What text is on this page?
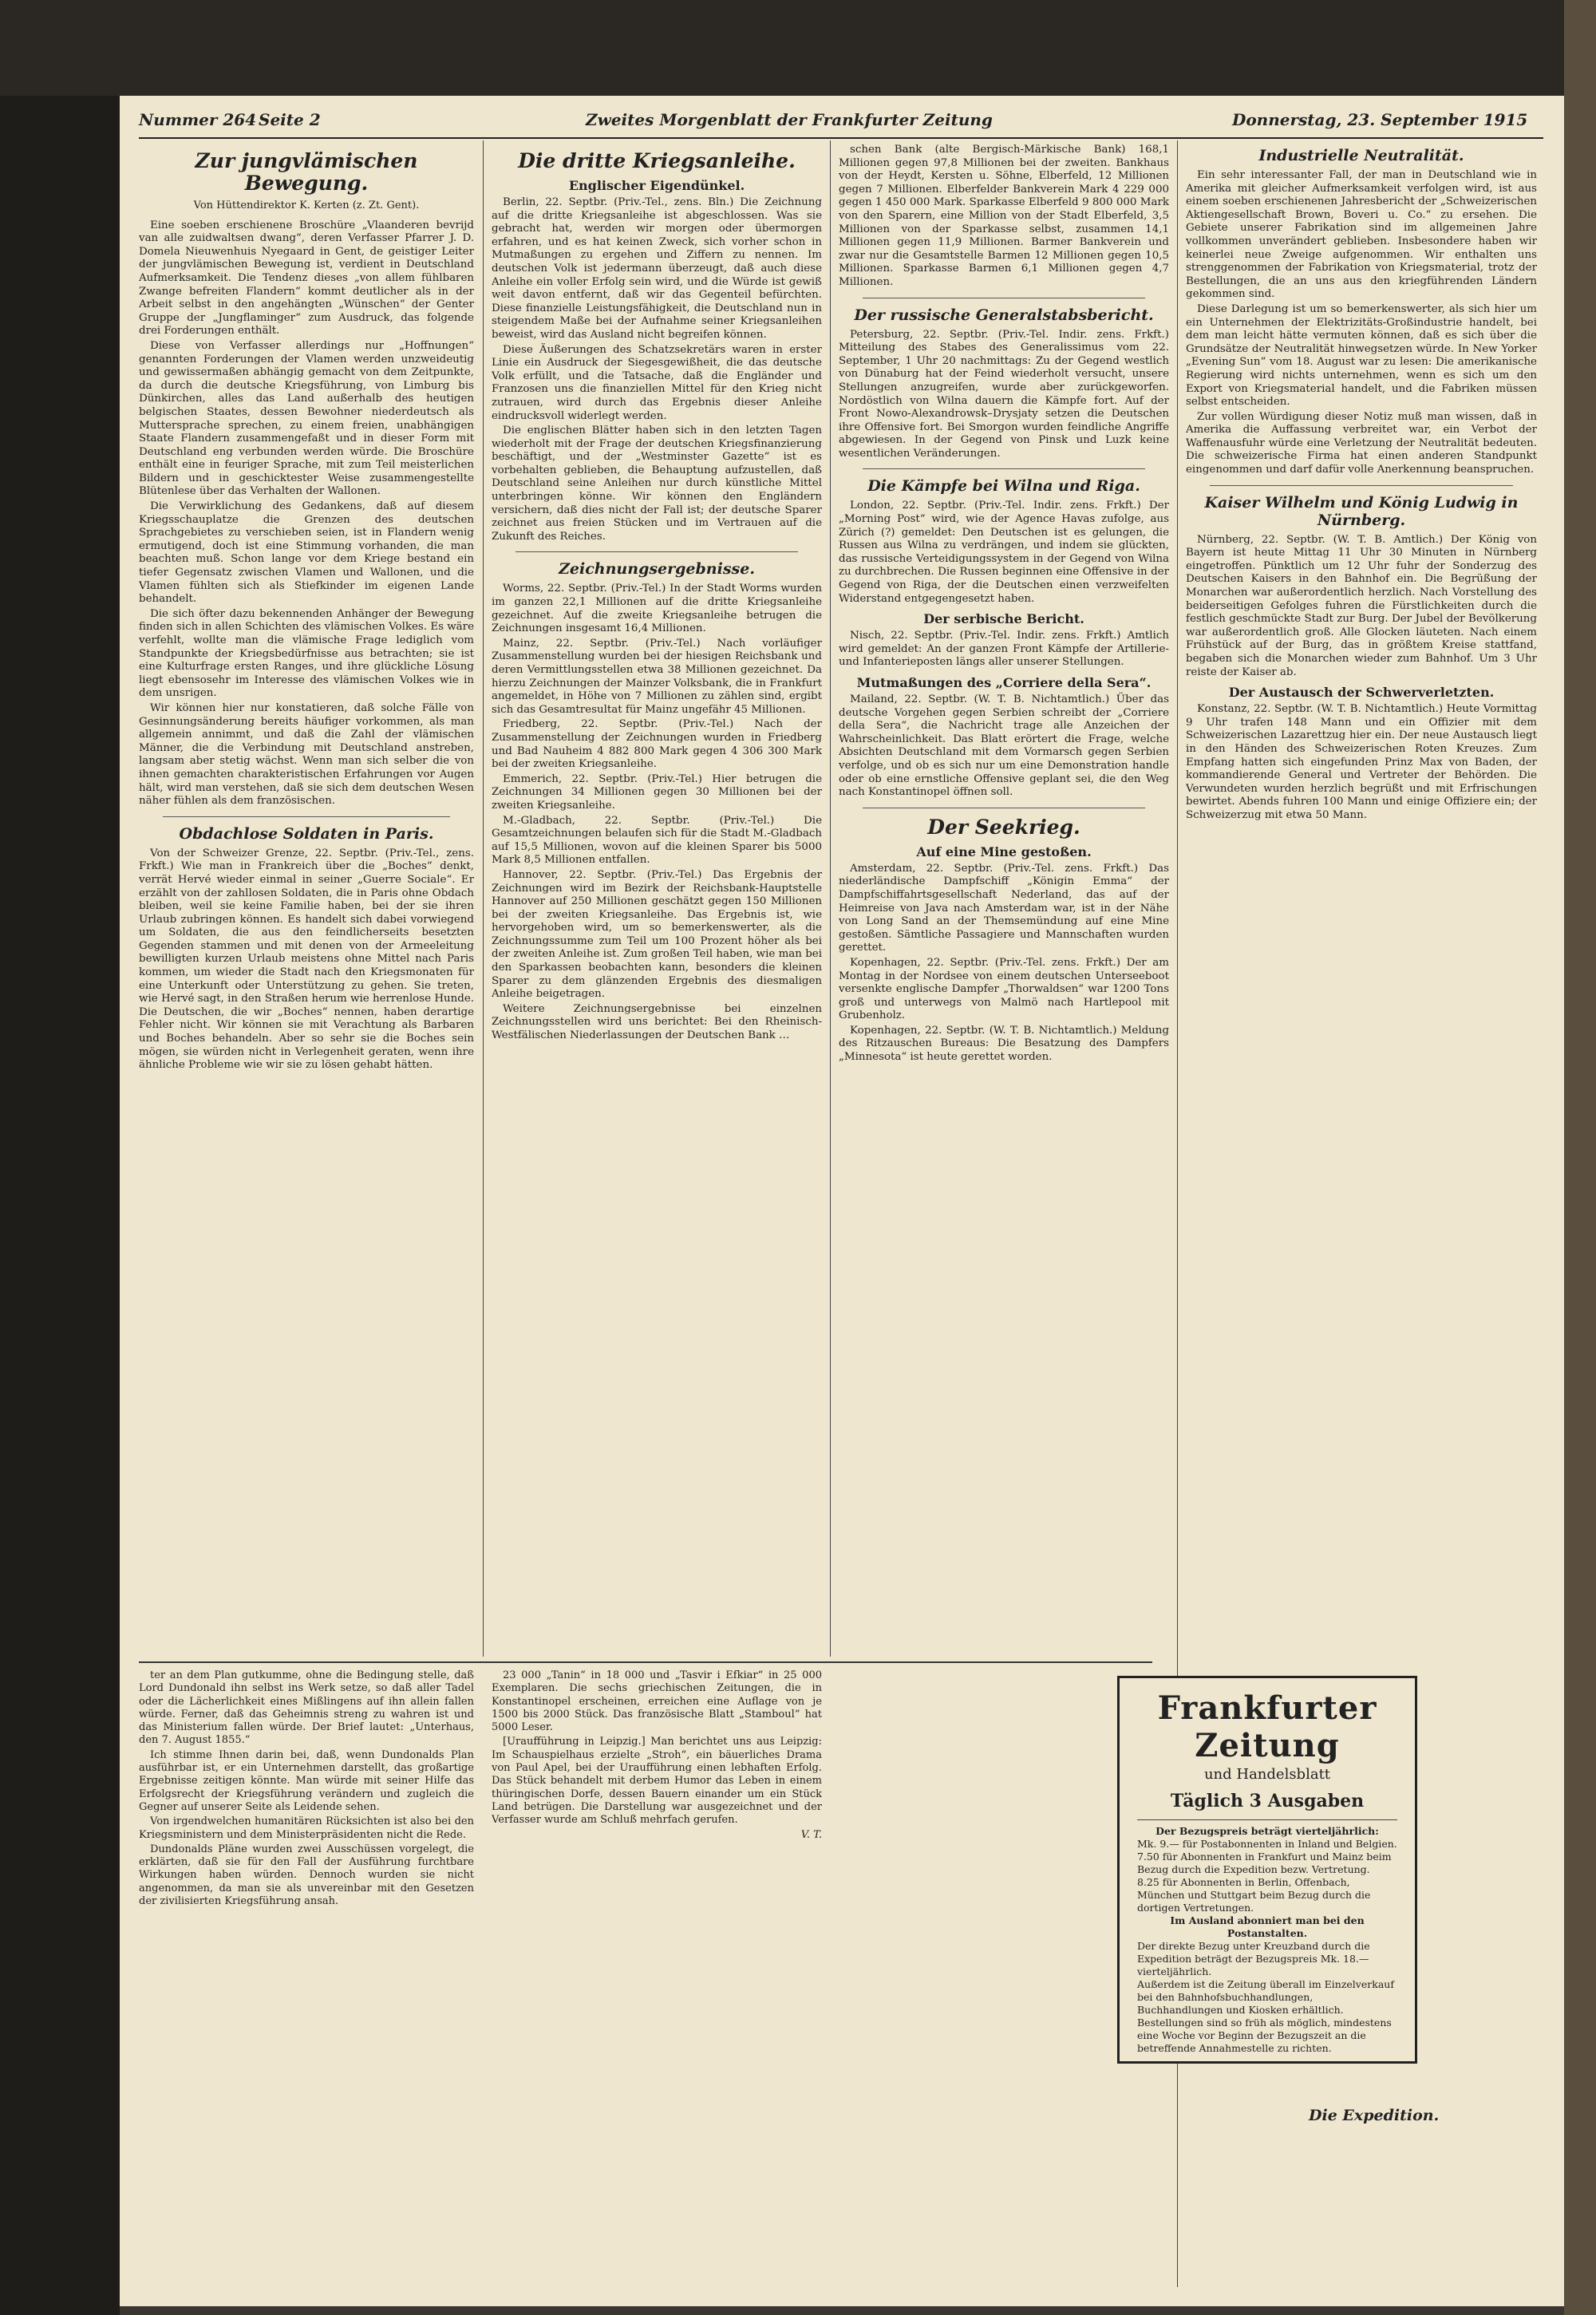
Nummer 264 Seite 2	Zweites Morgenblatt der Frankfurter Zeitung	Donnerstag, 23. September 1915
Zur jungvlämischen Bewegung.
Von Hüttendirektor K. Kerten (z. Zt. Gent).

Eine soeben erschienene Broschüre „Vlaanderen bevrijd van alle zuidwaltsen dwang“, deren Verfasser Pfarrer J. D. Domela Nieuwenhuis Nyegaard in Gent, de geistiger Leiter der jungvlämischen Bewegung ist, verdient in Deutschland Aufmerksamkeit. Die Tendenz dieses „von allem fühlbaren Zwange befreiten Flandern“ kommt deutlicher als in der Arbeit selbst in den angehängten „Wünschen“ der Genter Gruppe der „Jungflaminger“ zum Ausdruck, das folgende drei Forderungen enthält.

Diese von Verfasser allerdings nur „Hoffnungen“ genannten Forderungen der Vlamen werden unzweideutig und gewissermaßen abhängig gemacht von dem Zeitpunkte, da durch die deutsche Kriegsführung, von Limburg bis Dünkirchen, alles das Land außerhalb des heutigen belgischen Staates, dessen Bewohner niederdeutsch als Muttersprache sprechen, zu einem freien, unabhängigen Staate Flandern zusammengefaßt und in dieser Form mit Deutschland eng verbunden werden würde. Die Broschüre enthält eine in feuriger Sprache, mit zum Teil meisterlichen Bildern und in geschicktester Weise zusammengestellte Blütenlese über das Verhalten der Wallonen.

Die Verwirklichung des Gedankens, daß auf diesem Kriegsschauplatze die Grenzen des deutschen Sprachgebietes zu verschieben seien, ist in Flandern wenig ermutigend, doch ist eine Stimmung vorhanden, die man beachten muß. Schon lange vor dem Kriege bestand ein tiefer Gegensatz zwischen Vlamen und Wallonen, und die Vlamen fühlten sich als Stiefkinder im eigenen Lande behandelt.

Die sich öfter dazu bekennenden Anhänger der Bewegung finden sich in allen Schichten des vlämischen Volkes. Es wäre verfehlt, wollte man die vlämische Frage lediglich vom Standpunkte der Kriegsbedürfnisse aus betrachten; sie ist eine Kulturfrage ersten Ranges, und ihre glückliche Lösung liegt ebensosehr im Interesse des vlämischen Volkes wie in dem unsrigen.

Wir können hier nur konstatieren, daß solche Fälle von Gesinnungsänderung bereits häufiger vorkommen, als man allgemein annimmt, und daß die Zahl der vlämischen Männer, die die Verbindung mit Deutschland anstreben, langsam aber stetig wächst. Wenn man sich selber die von ihnen gemachten charakteristischen Erfahrungen vor Augen hält, wird man verstehen, daß sie sich dem deutschen Wesen näher fühlen als dem französischen.

Obdachlose Soldaten in Paris.

Von der Schweizer Grenze, 22. Septbr. (Priv.-Tel., zens. Frkft.) Wie man in Frankreich über die „Boches“ denkt, verrät Hervé wieder einmal in seiner „Guerre Sociale“. Er erzählt von der zahllosen Soldaten, die in Paris ohne Obdach bleiben, weil sie keine Familie haben, bei der sie ihren Urlaub zubringen können. Es handelt sich dabei vorwiegend um Soldaten, die aus den feindlicherseits besetzten Gegenden stammen und mit denen von der Armeeleitung bewilligten kurzen Urlaub meistens ohne Mittel nach Paris kommen, um wieder die Stadt nach den Kriegsmonaten für eine Unterkunft oder Unterstützung zu gehen. Sie treten, wie Hervé sagt, in den Straßen herum wie herrenlose Hunde. Die Deutschen, die wir „Boches“ nennen, haben derartige Fehler nicht. Wir können sie mit Verachtung als Barbaren und Boches behandeln. Aber so sehr sie die Boches sein mögen, sie würden nicht in Verlegenheit geraten, wenn ihre ähnliche Probleme wie wir sie zu lösen gehabt hätten.

Die dritte Kriegsanleihe.
Englischer Eigendünkel.

Berlin, 22. Septbr. (Priv.-Tel., zens. Bln.) Die Zeichnung auf die dritte Kriegsanleihe ist abgeschlossen. Was sie gebracht hat, werden wir morgen oder übermorgen erfahren, und es hat keinen Zweck, sich vorher schon in Mutmaßungen zu ergehen und Ziffern zu nennen. Im deutschen Volk ist jedermann überzeugt, daß auch diese Anleihe ein voller Erfolg sein wird, und die Würde ist gewiß weit davon entfernt, daß wir das Gegenteil befürchten. Diese finanzielle Leistungsfähigkeit, die Deutschland nun in steigendem Maße bei der Aufnahme seiner Kriegsanleihen beweist, wird das Ausland nicht begreifen können.

Diese Äußerungen des Schatzsekretärs waren in erster Linie ein Ausdruck der Siegesgewißheit, die das deutsche Volk erfüllt, und die Tatsache, daß die Engländer und Franzosen uns die finanziellen Mittel für den Krieg nicht zutrauen, wird durch das Ergebnis dieser Anleihe eindrucksvoll widerlegt werden.

Die englischen Blätter haben sich in den letzten Tagen wiederholt mit der Frage der deutschen Kriegsfinanzierung beschäftigt, und der „Westminster Gazette“ ist es vorbehalten geblieben, die Behauptung aufzustellen, daß Deutschland seine Anleihen nur durch künstliche Mittel unterbringen könne. Wir können den Engländern versichern, daß dies nicht der Fall ist; der deutsche Sparer zeichnet aus freien Stücken und im Vertrauen auf die Zukunft des Reiches.

Zeichnungsergebnisse.

Worms, 22. Septbr. (Priv.-Tel.) In der Stadt Worms wurden im ganzen 22,1 Millionen auf die dritte Kriegsanleihe gezeichnet. Auf die zweite Kriegsanleihe betrugen die Zeichnungen insgesamt 16,4 Millionen.

Mainz, 22. Septbr. (Priv.-Tel.) Nach vorläufiger Zusammenstellung wurden bei der hiesigen Reichsbank und deren Vermittlungsstellen etwa 38 Millionen gezeichnet. Da hierzu Zeichnungen der Mainzer Volksbank, die in Frankfurt angemeldet, in Höhe von 7 Millionen zu zählen sind, ergibt sich das Gesamtresultat für Mainz ungefähr 45 Millionen.

Friedberg, 22. Septbr. (Priv.-Tel.) Nach der Zusammenstellung der Zeichnungen wurden in Friedberg und Bad Nauheim 4 882 800 Mark gegen 4 306 300 Mark bei der zweiten Kriegsanleihe.

Emmerich, 22. Septbr. (Priv.-Tel.) Hier betrugen die Zeichnungen 34 Millionen gegen 30 Millionen bei der zweiten Kriegsanleihe.

M.-Gladbach, 22. Septbr. (Priv.-Tel.) Die Gesamtzeichnungen belaufen sich für die Stadt M.-Gladbach auf 15,5 Millionen, wovon auf die kleinen Sparer bis 5000 Mark 8,5 Millionen entfallen.

Hannover, 22. Septbr. (Priv.-Tel.) Das Ergebnis der Zeichnungen wird im Bezirk der Reichsbank-Hauptstelle Hannover auf 250 Millionen geschätzt gegen 150 Millionen bei der zweiten Kriegsanleihe. Das Ergebnis ist, wie hervorgehoben wird, um so bemerkenswerter, als die Zeichnungssumme zum Teil um 100 Prozent höher als bei der zweiten Anleihe ist. Zum großen Teil haben, wie man bei den Sparkassen beobachten kann, besonders die kleinen Sparer zu dem glänzenden Ergebnis des diesmaligen Anleihe beigetragen.

Weitere Zeichnungsergebnisse bei einzelnen Zeichnungsstellen wird uns berichtet: Bei den Rheinisch-Westfälischen Niederlassungen der Deutschen Bank …

schen Bank (alte Bergisch-Märkische Bank) 168,1 Millionen gegen 97,8 Millionen bei der zweiten. Bankhaus von der Heydt, Kersten u. Söhne, Elberfeld, 12 Millionen gegen 7 Millionen. Elberfelder Bankverein Mark 4 229 000 gegen 1 450 000 Mark. Sparkasse Elberfeld 9 800 000 Mark von den Sparern, eine Million von der Stadt Elberfeld, 3,5 Millionen von der Sparkasse selbst, zusammen 14,1 Millionen gegen 11,9 Millionen. Barmer Bankverein und zwar nur die Gesamtstelle Barmen 12 Millionen gegen 10,5 Millionen. Sparkasse Barmen 6,1 Millionen gegen 4,7 Millionen.

Der russische Generalstabsbericht.

Petersburg, 22. Septbr. (Priv.-Tel. Indir. zens. Frkft.) Mitteilung des Stabes des Generalissimus vom 22. September, 1 Uhr 20 nachmittags: Zu der Gegend westlich von Dünaburg hat der Feind wiederholt versucht, unsere Stellungen anzugreifen, wurde aber zurückgeworfen. Nordöstlich von Wilna dauern die Kämpfe fort. Auf der Front Nowo-Alexandrowsk–Drysjaty setzen die Deutschen ihre Offensive fort. Bei Smorgon wurden feindliche Angriffe abgewiesen. In der Gegend von Pinsk und Luzk keine wesentlichen Veränderungen.

Die Kämpfe bei Wilna und Riga.

London, 22. Septbr. (Priv.-Tel. Indir. zens. Frkft.) Der „Morning Post“ wird, wie der Agence Havas zufolge, aus Zürich (?) gemeldet: Den Deutschen ist es gelungen, die Russen aus Wilna zu verdrängen, und indem sie glückten, das russische Verteidigungssystem in der Gegend von Wilna zu durchbrechen. Die Russen beginnen eine Offensive in der Gegend von Riga, der die Deutschen einen verzweifelten Widerstand entgegengesetzt haben.

Der serbische Bericht.

Nisch, 22. Septbr. (Priv.-Tel. Indir. zens. Frkft.) Amtlich wird gemeldet: An der ganzen Front Kämpfe der Artillerie- und Infanterieposten längs aller unserer Stellungen.

Mutmaßungen des „Corriere della Sera“.

Mailand, 22. Septbr. (W. T. B. Nichtamtlich.) Über das deutsche Vorgehen gegen Serbien schreibt der „Corriere della Sera“, die Nachricht trage alle Anzeichen der Wahrscheinlichkeit. Das Blatt erörtert die Frage, welche Absichten Deutschland mit dem Vormarsch gegen Serbien verfolge, und ob es sich nur um eine Demonstration handle oder ob eine ernstliche Offensive geplant sei, die den Weg nach Konstantinopel öffnen soll.

Der Seekrieg.
Auf eine Mine gestoßen.

Amsterdam, 22. Septbr. (Priv.-Tel. zens. Frkft.) Das niederländische Dampfschiff „Königin Emma“ der Dampfschiffahrtsgesellschaft Nederland, das auf der Heimreise von Java nach Amsterdam war, ist in der Nähe von Long Sand an der Themsemündung auf eine Mine gestoßen. Sämtliche Passagiere und Mannschaften wurden gerettet.

Kopenhagen, 22. Septbr. (Priv.-Tel. zens. Frkft.) Der am Montag in der Nordsee von einem deutschen Unterseeboot versenkte englische Dampfer „Thorwaldsen“ war 1200 Tons groß und unterwegs von Malmö nach Hartlepool mit Grubenholz.

Kopenhagen, 22. Septbr. (W. T. B. Nichtamtlich.) Meldung des Ritzauschen Bureaus: Die Besatzung des Dampfers „Minnesota“ ist heute gerettet worden.

Industrielle Neutralität.

Ein sehr interessanter Fall, der man in Deutschland wie in Amerika mit gleicher Aufmerksamkeit verfolgen wird, ist aus einem soeben erschienenen Jahresbericht der „Schweizerischen Aktiengesellschaft Brown, Boveri u. Co.“ zu ersehen. Die Gebiete unserer Fabrikation sind im allgemeinen Jahre vollkommen unverändert geblieben. Insbesondere haben wir keinerlei neue Zweige aufgenommen. Wir enthalten uns strenggenommen der Fabrikation von Kriegsmaterial, trotz der Bestellungen, die an uns aus den kriegführenden Ländern gekommen sind.

Diese Darlegung ist um so bemerkenswerter, als sich hier um ein Unternehmen der Elektrizitäts-Großindustrie handelt, bei dem man leicht hätte vermuten können, daß es sich über die Grundsätze der Neutralität hinwegsetzen würde. In New Yorker „Evening Sun“ vom 18. August war zu lesen: Die amerikanische Regierung wird nichts unternehmen, wenn es sich um den Export von Kriegsmaterial handelt, und die Fabriken müssen selbst entscheiden.

Zur vollen Würdigung dieser Notiz muß man wissen, daß in Amerika die Auffassung verbreitet war, ein Verbot der Waffenausfuhr würde eine Verletzung der Neutralität bedeuten. Die schweizerische Firma hat einen anderen Standpunkt eingenommen und darf dafür volle Anerkennung beanspruchen.

Kaiser Wilhelm und König Ludwig in Nürnberg.

Nürnberg, 22. Septbr. (W. T. B. Amtlich.) Der König von Bayern ist heute Mittag 11 Uhr 30 Minuten in Nürnberg eingetroffen. Pünktlich um 12 Uhr fuhr der Sonderzug des Deutschen Kaisers in den Bahnhof ein. Die Begrüßung der Monarchen war außerordentlich herzlich. Nach Vorstellung des beiderseitigen Gefolges fuhren die Fürstlichkeiten durch die festlich geschmückte Stadt zur Burg. Der Jubel der Bevölkerung war außerordentlich groß. Alle Glocken läuteten. Nach einem Frühstück auf der Burg, das in größtem Kreise stattfand, begaben sich die Monarchen wieder zum Bahnhof. Um 3 Uhr reiste der Kaiser ab.

Der Austausch der Schwerverletzten.

Konstanz, 22. Septbr. (W. T. B. Nichtamtlich.) Heute Vormittag 9 Uhr trafen 148 Mann und ein Offizier mit dem Schweizerischen Lazarettzug hier ein. Der neue Austausch liegt in den Händen des Schweizerischen Roten Kreuzes. Zum Empfang hatten sich eingefunden Prinz Max von Baden, der kommandierende General und Vertreter der Behörden. Die Verwundeten wurden herzlich begrüßt und mit Erfrischungen bewirtet. Abends fuhren 100 Mann und einige Offiziere ein; der Schweizerzug mit etwa 50 Mann.

ter an dem Plan gutkumme, ohne die Bedingung stelle, daß Lord Dundonald ihn selbst ins Werk setze, so daß aller Tadel oder die Lächerlichkeit eines Mißlingens auf ihn allein fallen würde. Ferner, daß das Geheimnis streng zu wahren ist und das Ministerium fallen würde. Der Brief lautet: „Unterhaus, den 7. August 1855.“

Ich stimme Ihnen darin bei, daß, wenn Dundonalds Plan ausführbar ist, er ein Unternehmen darstellt, das großartige Ergebnisse zeitigen könnte. Man würde mit seiner Hilfe das Erfolgsrecht der Kriegsführung verändern und zugleich die Gegner auf unserer Seite als Leidende sehen.

Von irgendwelchen humanitären Rücksichten ist also bei den Kriegsministern und dem Ministerpräsidenten nicht die Rede.

Dundonalds Pläne wurden zwei Ausschüssen vorgelegt, die erklärten, daß sie für den Fall der Ausführung furchtbare Wirkungen haben würden. Dennoch wurden sie nicht angenommen, da man sie als unvereinbar mit den Gesetzen der zivilisierten Kriegsführung ansah.

23 000 „Tanin“ in 18 000 und „Tasvir i Efkiar“ in 25 000 Exemplaren. Die sechs griechischen Zeitungen, die in Konstantinopel erscheinen, erreichen eine Auflage von je 1500 bis 2000 Stück. Das französische Blatt „Stamboul“ hat 5000 Leser.

[Uraufführung in Leipzig.] Man berichtet uns aus Leipzig: Im Schauspielhaus erzielte „Stroh“, ein bäuerliches Drama von Paul Apel, bei der Uraufführung einen lebhaften Erfolg. Das Stück behandelt mit derbem Humor das Leben in einem thüringischen Dorfe, dessen Bauern einander um ein Stück Land betrügen. Die Darstellung war ausgezeichnet und der Verfasser wurde am Schluß mehrfach gerufen.

V. T.
Frankfurter Zeitung
und Handelsblatt
Täglich 3 Ausgaben
Der Bezugspreis beträgt vierteljährlich:
Mk. 9.— für Postabonnenten in Inland und Belgien.
7.50 für Abonnenten in Frankfurt und Mainz beim Bezug durch die Expedition bezw. Vertretung.
8.25 für Abonnenten in Berlin, Offenbach, München und Stuttgart beim Bezug durch die dortigen Vertretungen.
Im Ausland abonniert man bei den Postanstalten.
Der direkte Bezug unter Kreuzband durch die Expedition beträgt der Bezugspreis Mk. 18.— vierteljährlich.
Außerdem ist die Zeitung überall im Einzelverkauf bei den Bahnhofsbuchhandlungen, Buchhandlungen und Kiosken erhältlich.
Bestellungen sind so früh als möglich, mindestens eine Woche vor Beginn der Bezugszeit an die betreffende Annahmestelle zu richten.
Die Expedition.
